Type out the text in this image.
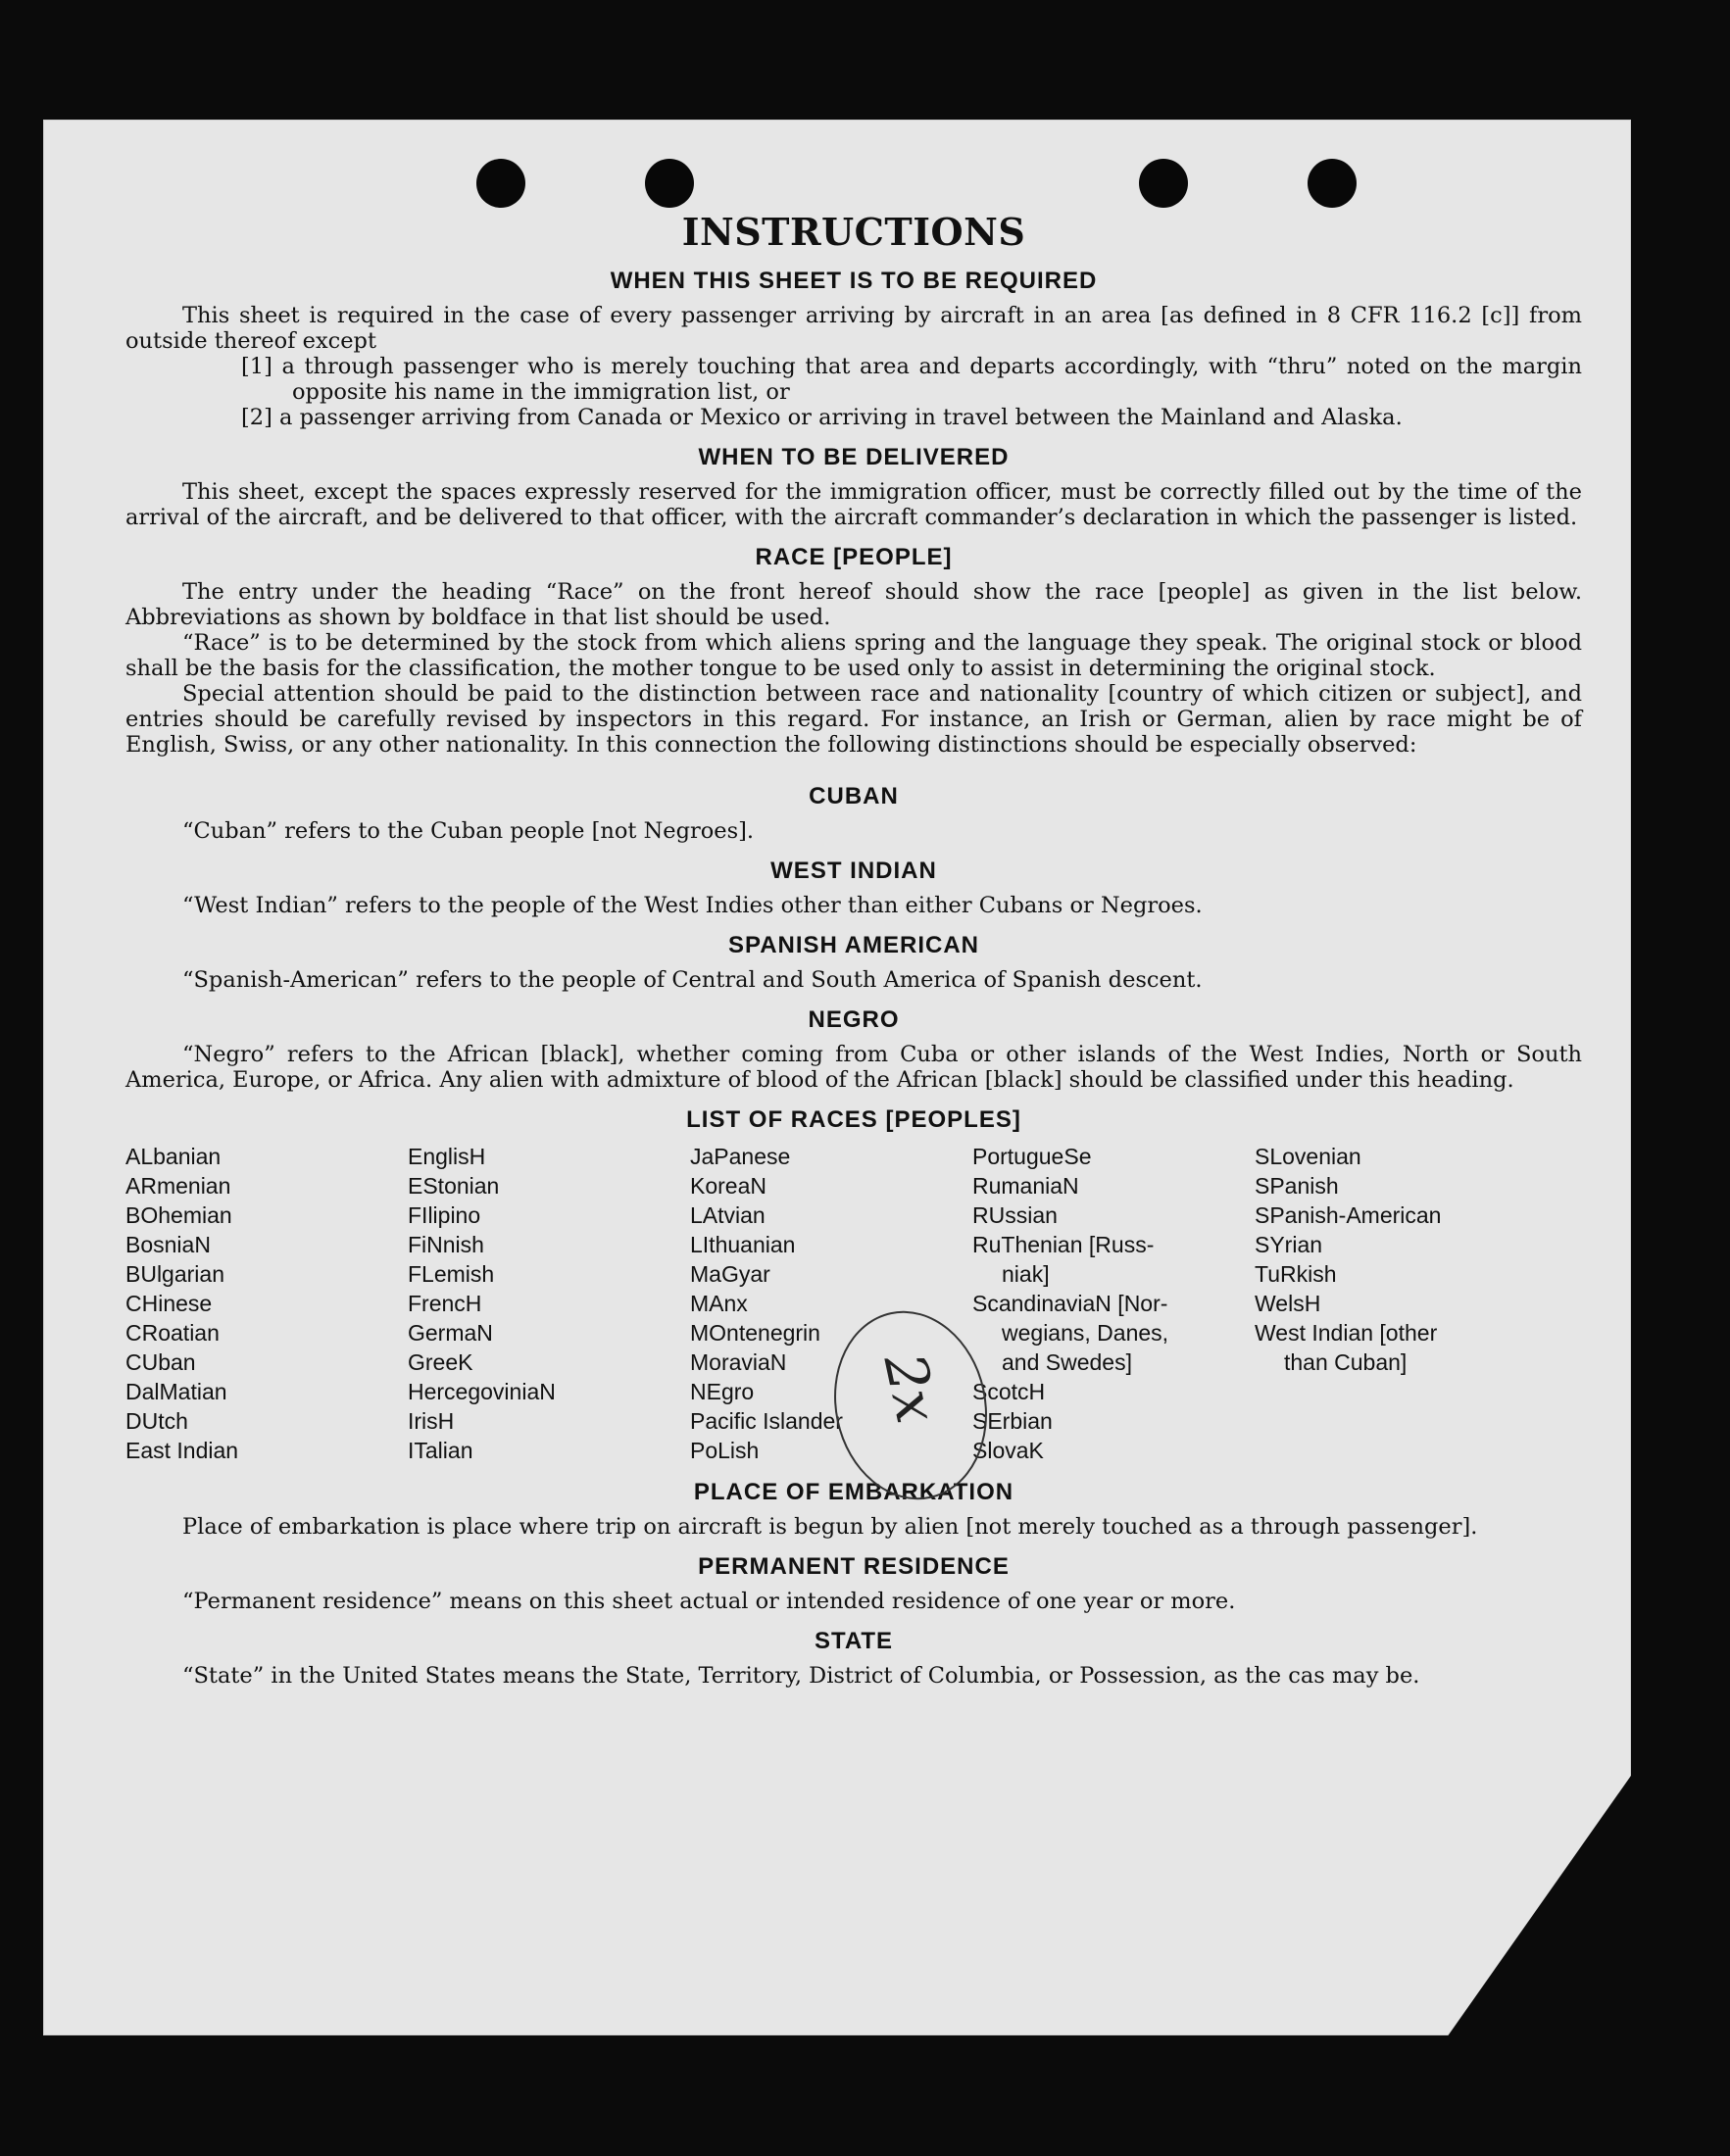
INSTRUCTIONS
WHEN THIS SHEET IS TO BE REQUIRED

This sheet is required in the case of every passenger arriving by aircraft in an area [as defined in 8 CFR 116.2 [c]] from outside thereof except

[1] a through passenger who is merely touching that area and departs accordingly, with “thru” noted on the margin opposite his name in the immigration list, or

[2] a passenger arriving from Canada or Mexico or arriving in travel between the Mainland and Alaska.

WHEN TO BE DELIVERED

This sheet, except the spaces expressly reserved for the immigration officer, must be correctly filled out by the time of the arrival of the aircraft, and be delivered to that officer, with the aircraft commander’s declaration in which the passenger is listed.

RACE [PEOPLE]

The entry under the heading “Race” on the front hereof should show the race [people] as given in the list below. Abbreviations as shown by boldface in that list should be used.

“Race” is to be determined by the stock from which aliens spring and the language they speak. The original stock or blood shall be the basis for the classification, the mother tongue to be used only to assist in determining the original stock.

Special attention should be paid to the distinction between race and nationality [country of which citizen or subject], and entries should be carefully revised by inspectors in this regard. For instance, an Irish or German, alien by race might be of English, Swiss, or any other nationality. In this connection the following distinctions should be especially observed:

CUBAN

“Cuban” refers to the Cuban people [not Negroes].

WEST INDIAN

“West Indian” refers to the people of the West Indies other than either Cubans or Negroes.

SPANISH AMERICAN

“Spanish-American” refers to the people of Central and South America of Spanish descent.

NEGRO

“Negro” refers to the African [black], whether coming from Cuba or other islands of the West Indies, North or South America, Europe, or Africa. Any alien with admixture of blood of the African [black] should be classified under this heading.

LIST OF RACES [PEOPLES]
ALbanian
ARmenian
BOhemian
BosniaN
BUlgarian
CHinese
CRoatian
CUban
DalMatian
DUtch
East Indian
EnglisH
EStonian
FIlipino
FiNnish
FLemish
FrencH
GermaN
GreeK
HercegoviniaN
IrisH
ITalian
JaPanese
KoreaN
LAtvian
LIthuanian
MaGyar
MAnx
MOntenegrin
MoraviaN
NEgro
Pacific Islander
PoLish
PortugueSe
RumaniaN
RUssian
RuThenian [Russ-
niak]
ScandinaviaN [Nor-
wegians, Danes,
and Swedes]
ScotcH
SErbian
SlovaK
SLovenian
SPanish
SPanish-American
SYrian
TuRkish
WelsH
West Indian [other
than Cuban]
PLACE OF EMBARKATION

Place of embarkation is place where trip on aircraft is begun by alien [not merely touched as a through passenger].

PERMANENT RESIDENCE

“Permanent residence” means on this sheet actual or intended residence of one year or more.

STATE

“State” in the United States means the State, Territory, District of Columbia, or Possession, as the cas may be.

2x
